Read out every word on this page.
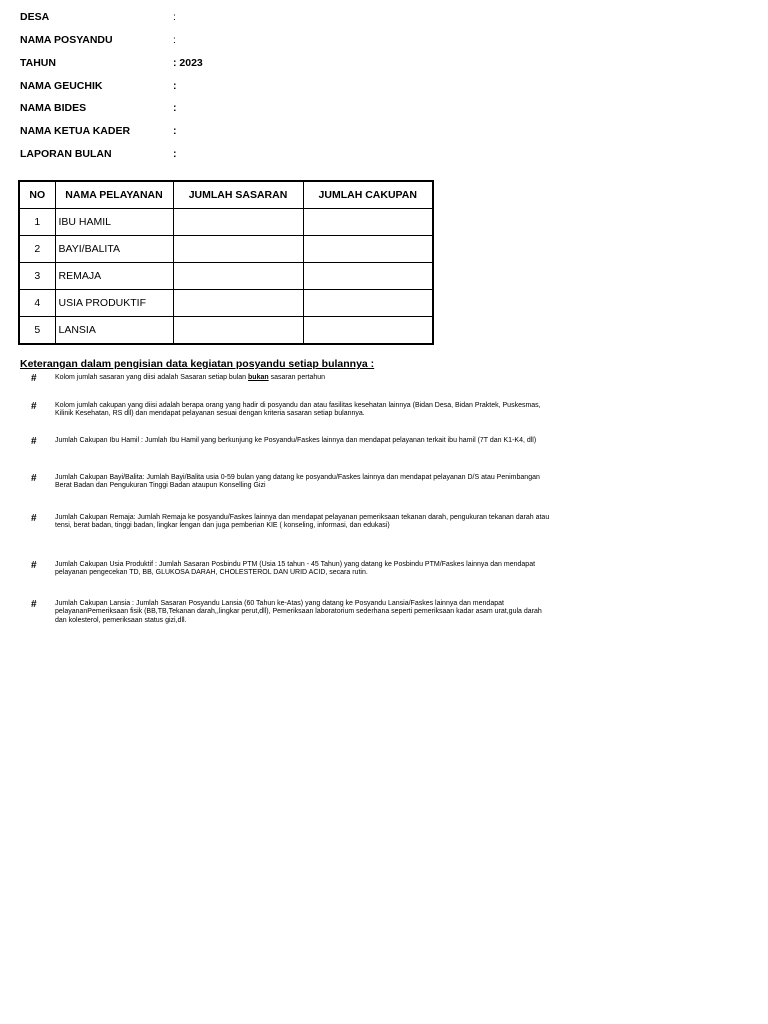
DESA	:
NAMA POSYANDU	:
TAHUN	: 2023
NAMA GEUCHIK	:
NAMA BIDES	:
NAMA KETUA KADER	:
LAPORAN BULAN	:
NO	NAMA PELAYANAN	JUMLAH SASARAN	JUMLAH CAKUPAN
1	IBU HAMIL		
2	BAYI/BALITA		
3	REMAJA		
4	USIA PRODUKTIF		
5	LANSIA		
Keterangan dalam pengisian data kegiatan posyandu setiap bulannya :
#	Kolom jumlah sasaran yang diisi adalah Sasaran setiap bulan bukan sasaran pertahun
#	Kolom jumlah cakupan yang diisi adalah berapa orang yang hadir di posyandu dan atau fasilitas kesehatan lainnya (Bidan Desa, Bidan Praktek, Puskesmas, Kilinik Kesehatan, RS dll) dan mendapat pelayanan sesuai dengan kriteria sasaran setiap bulannya.
#	Jumlah Cakupan Ibu Hamil : Jumlah Ibu Hamil yang berkunjung ke Posyandu/Faskes lainnya dan mendapat pelayanan terkait ibu hamil (7T dan K1-K4, dll)
#	Jumlah Cakupan Bayi/Balita: Jumlah Bayi/Balita usia 0-59 bulan yang datang ke posyandu/Faskes lainnya dan mendapat pelayanan D/S atau Penimbangan Berat Badan dan Pengukuran Tinggi Badan ataupun Konselling Gizi
#	Jumlah Cakupan Remaja: Jumlah Remaja ke posyandu/Faskes lainnya dan mendapat pelayanan pemeriksaan tekanan darah, pengukuran tekanan darah atau tensi, berat badan, tinggi badan, lingkar lengan dan juga pemberian KIE ( konseling, informasi, dan edukasi)
#	Jumlah Cakupan Usia Produktif : Jumlah Sasaran Posbindu PTM (Usia 15 tahun - 45 Tahun) yang datang ke Posbindu PTM/Faskes lainnya dan mendapat pelayanan pengecekan TD, BB, GLUKOSA DARAH, CHOLESTEROL DAN URID ACID, secara rutin.
#	Jumlah Cakupan Lansia : Jumlah Sasaran Posyandu Lansia (60 Tahun ke-Atas) yang datang ke Posyandu Lansia/Faskes lainnya dan mendapat pelayananPemeriksaan fisik (BB,TB,Tekanan darah,,lingkar perut,dll), Pemeriksaan laboratorium sederhana seperti pemeriksaan kadar asam urat,gula darah dan kolesterol, pemeriksaan status gizi,dll.
